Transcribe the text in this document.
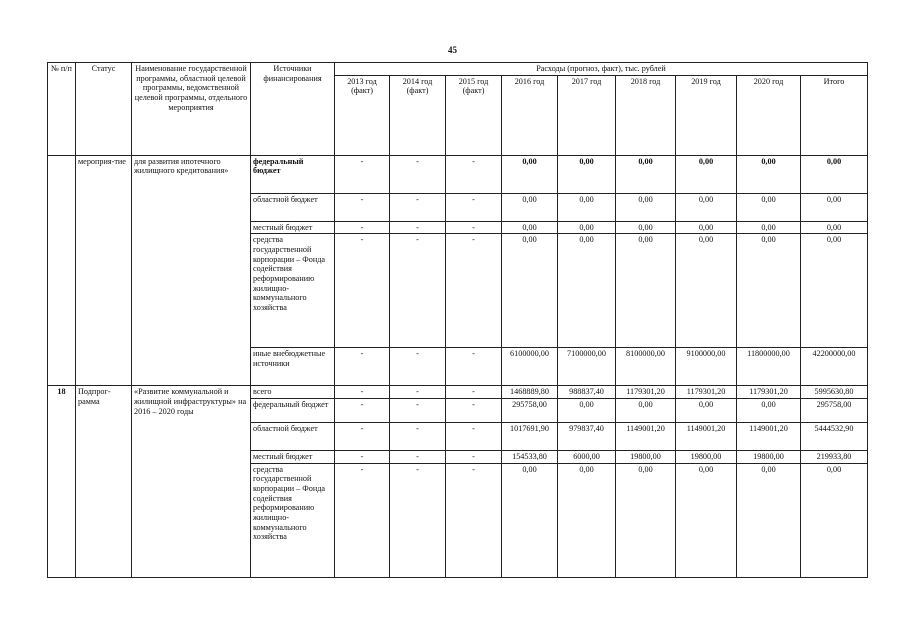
45
№ п/п	Статус	Наименование государственной программы, областной целевой программы, ведомственной целевой программы, отдельного мероприятия	Источники финансирования	Расходы (прогноз, факт), тыс. рублей								
				2013 год (факт)	2014 год (факт)	2015 год (факт)	2016 год	2017 год	2018 год	2019 год	2020 год	Итого
	мероприя-тие	для развития ипотечного жилищного кредитования»	федеральный бюджет	-	-	-	0,00	0,00	0,00	0,00	0,00	0,00
			областной бюджет	-	-	-	0,00	0,00	0,00	0,00	0,00	0,00
			местный бюджет	-	-	-	0,00	0,00	0,00	0,00	0,00	0,00
			средства государственной корпорации – Фонда содействия реформированию жилищно-коммунального хозяйства	-	-	-	0,00	0,00	0,00	0,00	0,00	0,00
			иные внебюджетные источники	-	-	-	6100000,00	7100000,00	8100000,00	9100000,00	11800000,00	42200000,00
18	Подпрог-рамма	«Развитие коммунальной и жилищной инфраструктуры» на 2016 – 2020 годы	всего	-	-	-	1468889,80	988837,40	1179301,20	1179301,20	1179301,20	5995630,80
			федеральный бюджет	-	-	-	295758,00	0,00	0,00	0,00	0,00	295758,00
			областной бюджет	-	-	-	1017691,90	979837,40	1149001,20	1149001,20	1149001,20	5444532,90
			местный бюджет	-	-	-	154533,80	6000,00	19800,00	19800,00	19800,00	219933,80
			средства государственной корпорации – Фонда содействия реформированию жилищно-коммунального хозяйства	-	-	-	0,00	0,00	0,00	0,00	0,00	0,00
